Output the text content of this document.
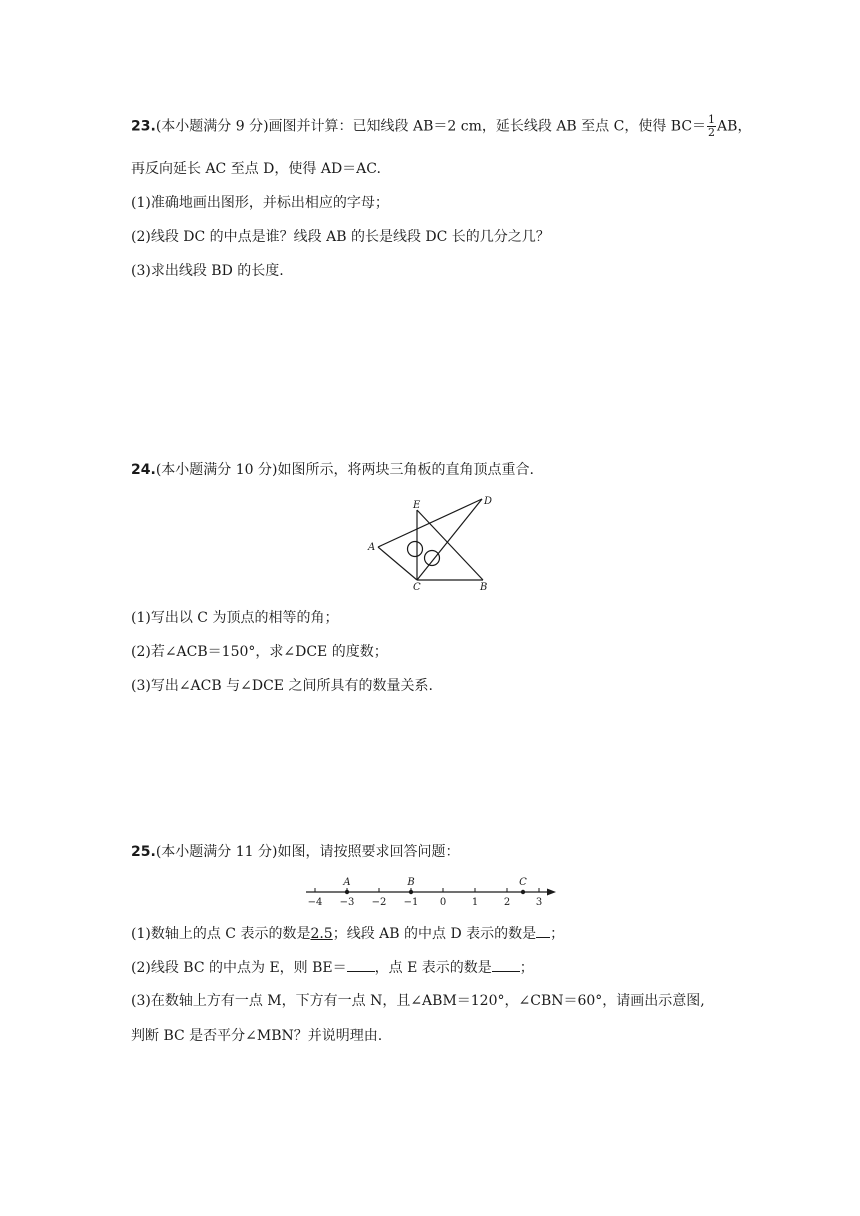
23.(本小题满分 9 分)画图并计算：已知线段 AB＝2 cm，延长线段 AB 至点 C，使得 $BC= \frac{1}{2}$ AB，
再反向延长 AC 至点 D，使得 AD＝AC.
(1)准确地画出图形，并标出相应的字母；
(2)线段 DC 的中点是谁？线段 AB 的长是线段 DC 长的几分之几？
(3)求出线段 BD 的长度.
24.(本小题满分 10 分)如图所示，将两块三角板的直角顶点重合.
A
B
C
D
E
(1)写出以 C 为顶点的相等的角；
(2)若∠ACB＝150°，求∠DCE 的度数；
(3)写出∠ACB 与∠DCE 之间所具有的数量关系.
25.(本小题满分 11 分)如图，请按照要求回答问题：
−4 −3 −2 −1 0	1	2	3
A	B	C
(1)数轴上的点 C 表示的数是2.5；线段 AB 的中点 D 表示的数是 ；
(2)线段 BC 的中点为 E，则 BE＝ ，点 E 表示的数是 ；
(3)在数轴上方有一点 M，下方有一点 N，且∠ABM＝120°，∠CBN＝60°，请画出示意图,
判断 BC 是否平分∠MBN？并说明理由.
